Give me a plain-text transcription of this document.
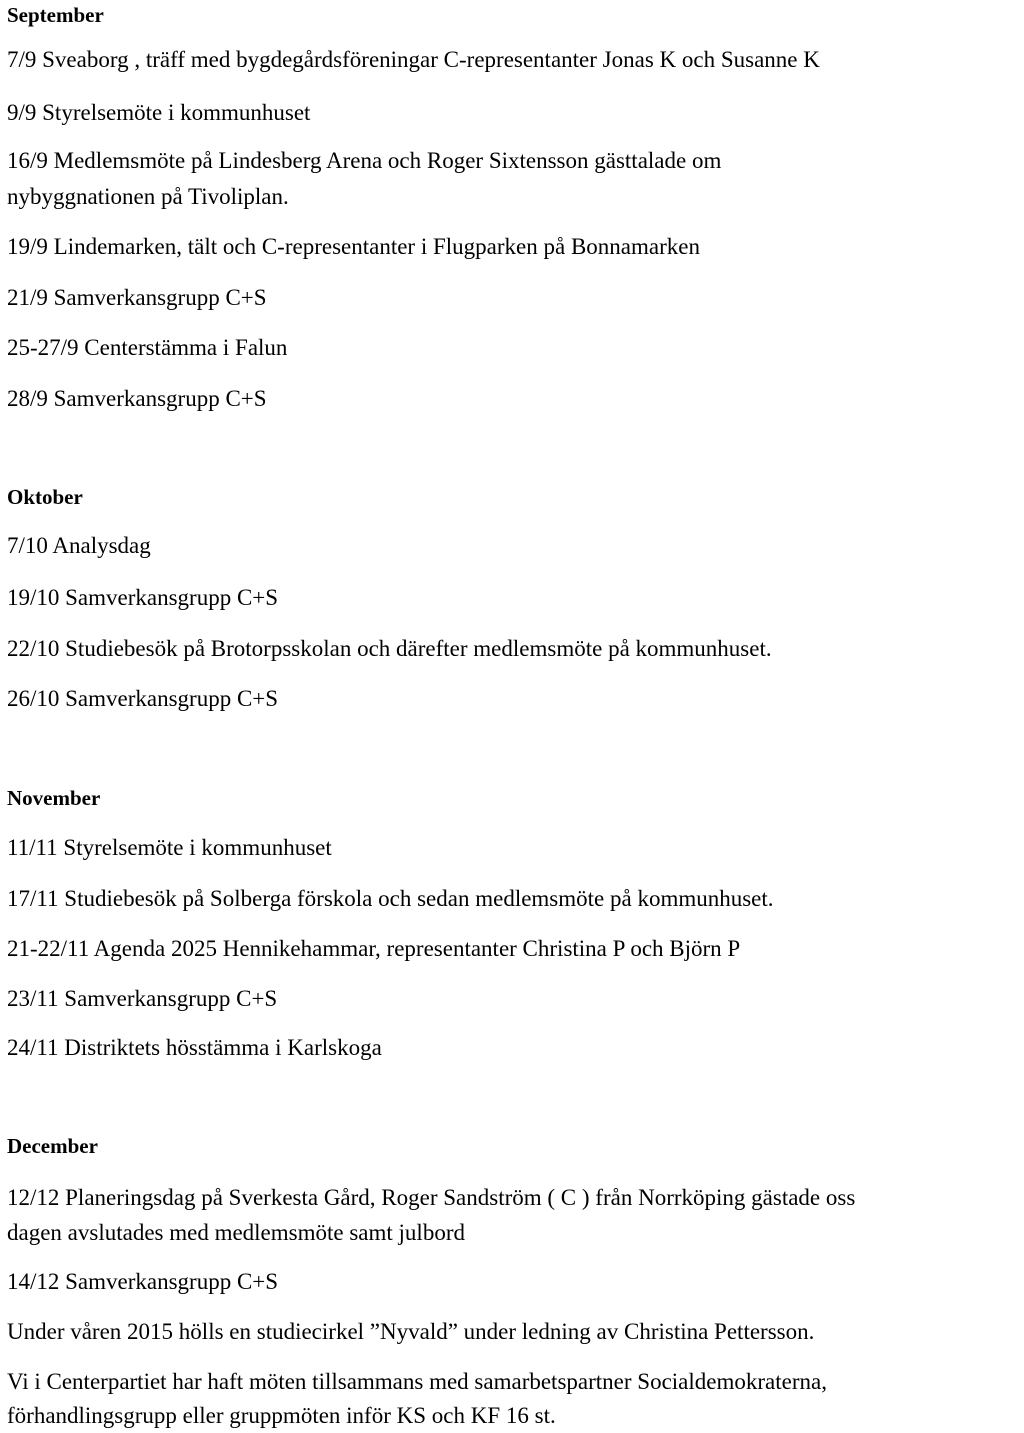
September
7/9 Sveaborg , träff med bygdegårdsföreningar C-representanter Jonas K och Susanne K
9/9 Styrelsemöte i kommunhuset
16/9 Medlemsmöte på Lindesberg Arena och Roger Sixtensson gästtalade om
nybyggnationen på Tivoliplan.
19/9 Lindemarken, tält och C-representanter i Flugparken på Bonnamarken
21/9 Samverkansgrupp C+S
25-27/9 Centerstämma i Falun
28/9 Samverkansgrupp C+S
Oktober
7/10 Analysdag
19/10 Samverkansgrupp C+S
22/10 Studiebesök på Brotorpsskolan och därefter medlemsmöte på kommunhuset.
26/10 Samverkansgrupp C+S
November
11/11 Styrelsemöte i kommunhuset
17/11 Studiebesök på Solberga förskola och sedan medlemsmöte på kommunhuset.
21-22/11 Agenda 2025 Hennikehammar, representanter Christina P och Björn P
23/11 Samverkansgrupp C+S
24/11 Distriktets hösstämma i Karlskoga
December
12/12 Planeringsdag på Sverkesta Gård, Roger Sandström ( C ) från Norrköping gästade oss
dagen avslutades med medlemsmöte samt julbord
14/12 Samverkansgrupp C+S
Under våren 2015 hölls en studiecirkel ”Nyvald” under ledning av Christina Pettersson.
Vi i Centerpartiet har haft möten tillsammans med samarbetspartner Socialdemokraterna,
förhandlingsgrupp eller gruppmöten inför KS och KF 16 st.
